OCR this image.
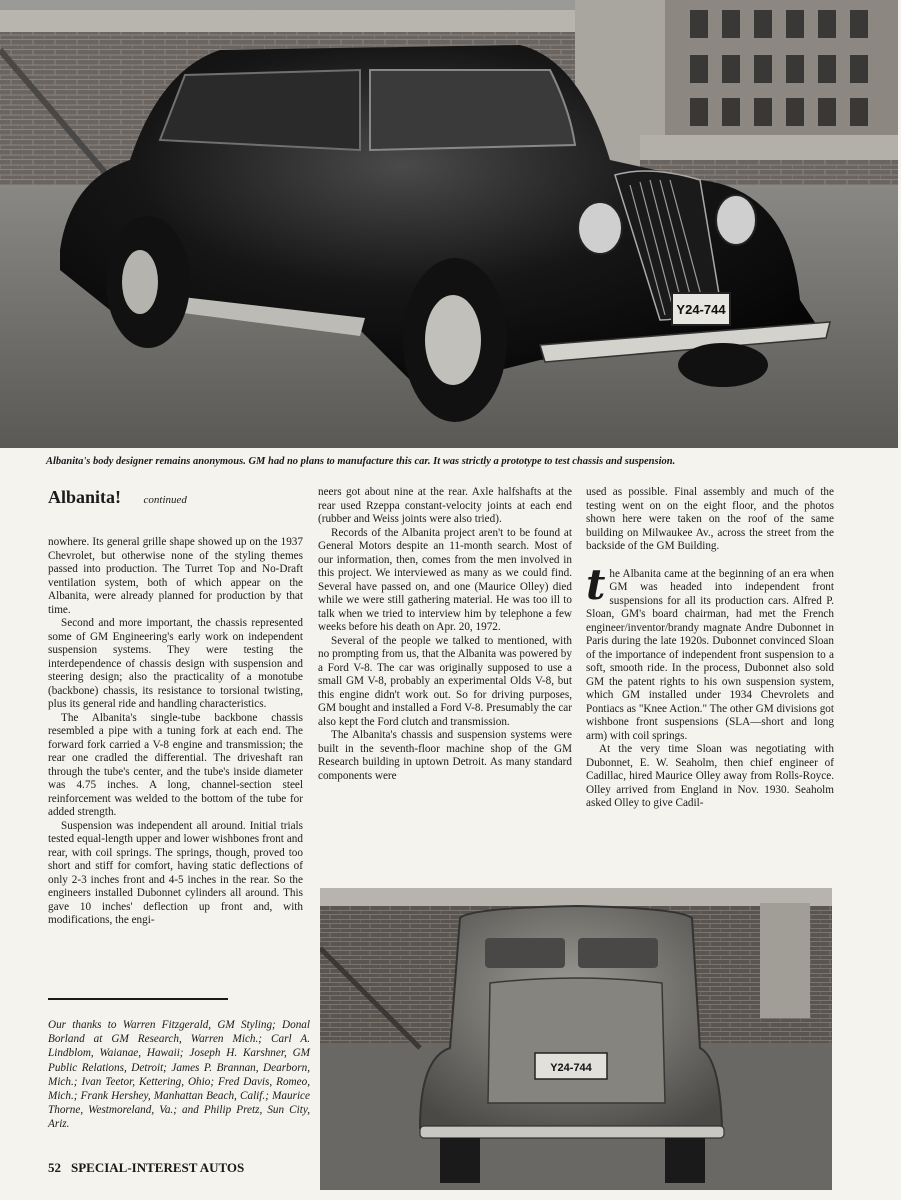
Y24-744
Albanita's body designer remains anonymous. GM had no plans to manufacture this car. It was strictly a prototype to test chassis and suspension.
Albanita! continued

nowhere. Its general grille shape showed up on the 1937 Chevrolet, but otherwise none of the styling themes passed into production. The Turret Top and No-Draft ventilation system, both of which appear on the Albanita, were already planned for production by that time.

Second and more important, the chassis represented some of GM Engineering's early work on independent suspension systems. They were testing the interdependence of chassis design with suspension and steering design; also the practicality of a monotube (backbone) chassis, its resistance to torsional twisting, plus its general ride and handling characteristics.

The Albanita's single-tube backbone chassis resembled a pipe with a tuning fork at each end. The forward fork carried a V-8 engine and transmission; the rear one cradled the differential. The driveshaft ran through the tube's center, and the tube's inside diameter was 4.75 inches. A long, channel-section steel reinforcement was welded to the bottom of the tube for added strength.

Suspension was independent all around. Initial trials tested equal-length upper and lower wishbones front and rear, with coil springs. The springs, though, proved too short and stiff for comfort, having static deflections of only 2-3 inches front and 4-5 inches in the rear. So the engineers installed Dubonnet cylinders all around. This gave 10 inches' deflection up front and, with modifications, the engi-

neers got about nine at the rear. Axle halfshafts at the rear used Rzeppa constant-velocity joints at each end (rubber and Weiss joints were also tried).

Records of the Albanita project aren't to be found at General Motors despite an 11-month search. Most of our information, then, comes from the men involved in this project. We interviewed as many as we could find. Several have passed on, and one (Maurice Olley) died while we were still gathering material. He was too ill to talk when we tried to interview him by telephone a few weeks before his death on Apr. 20, 1972.

Several of the people we talked to mentioned, with no prompting from us, that the Albanita was powered by a Ford V-8. The car was originally supposed to use a small GM V-8, probably an experimental Olds V-8, but this engine didn't work out. So for driving purposes, GM bought and installed a Ford V-8. Presumably the car also kept the Ford clutch and transmission.

The Albanita's chassis and suspension systems were built in the seventh-floor machine shop of the GM Research building in uptown Detroit. As many standard components were

used as possible. Final assembly and much of the testing went on on the eight floor, and the photos shown here were taken on the roof of the same building on Milwaukee Av., across the street from the backside of the GM Building.

the Albanita came at the beginning of an era when GM was headed into independent front suspensions for all its production cars. Alfred P. Sloan, GM's board chairman, had met the French engineer/inventor/brandy magnate Andre Dubonnet in Paris during the late 1920s. Dubonnet convinced Sloan of the importance of independent front suspension to a soft, smooth ride. In the process, Dubonnet also sold GM the patent rights to his own suspension system, which GM installed under 1934 Chevrolets and Pontiacs as "Knee Action." The other GM divisions got wishbone front suspensions (SLA—short and long arm) with coil springs.

At the very time Sloan was negotiating with Dubonnet, E. W. Seaholm, then chief engineer of Cadillac, hired Maurice Olley away from Rolls-Royce. Olley arrived from England in Nov. 1930. Seaholm asked Olley to give Cadil-

Y24-744
Our thanks to Warren Fitzgerald, GM Styling; Donal Borland at GM Research, Warren Mich.; Carl A. Lindblom, Waianae, Hawaii; Joseph H. Karshner, GM Public Relations, Detroit; James P. Brannan, Dearborn, Mich.; Ivan Teetor, Kettering, Ohio; Fred Davis, Romeo, Mich.; Frank Hershey, Manhattan Beach, Calif.; Maurice Thorne, Westmoreland, Va.; and Philip Pretz, Sun City, Ariz.
52 SPECIAL-INTEREST AUTOS
